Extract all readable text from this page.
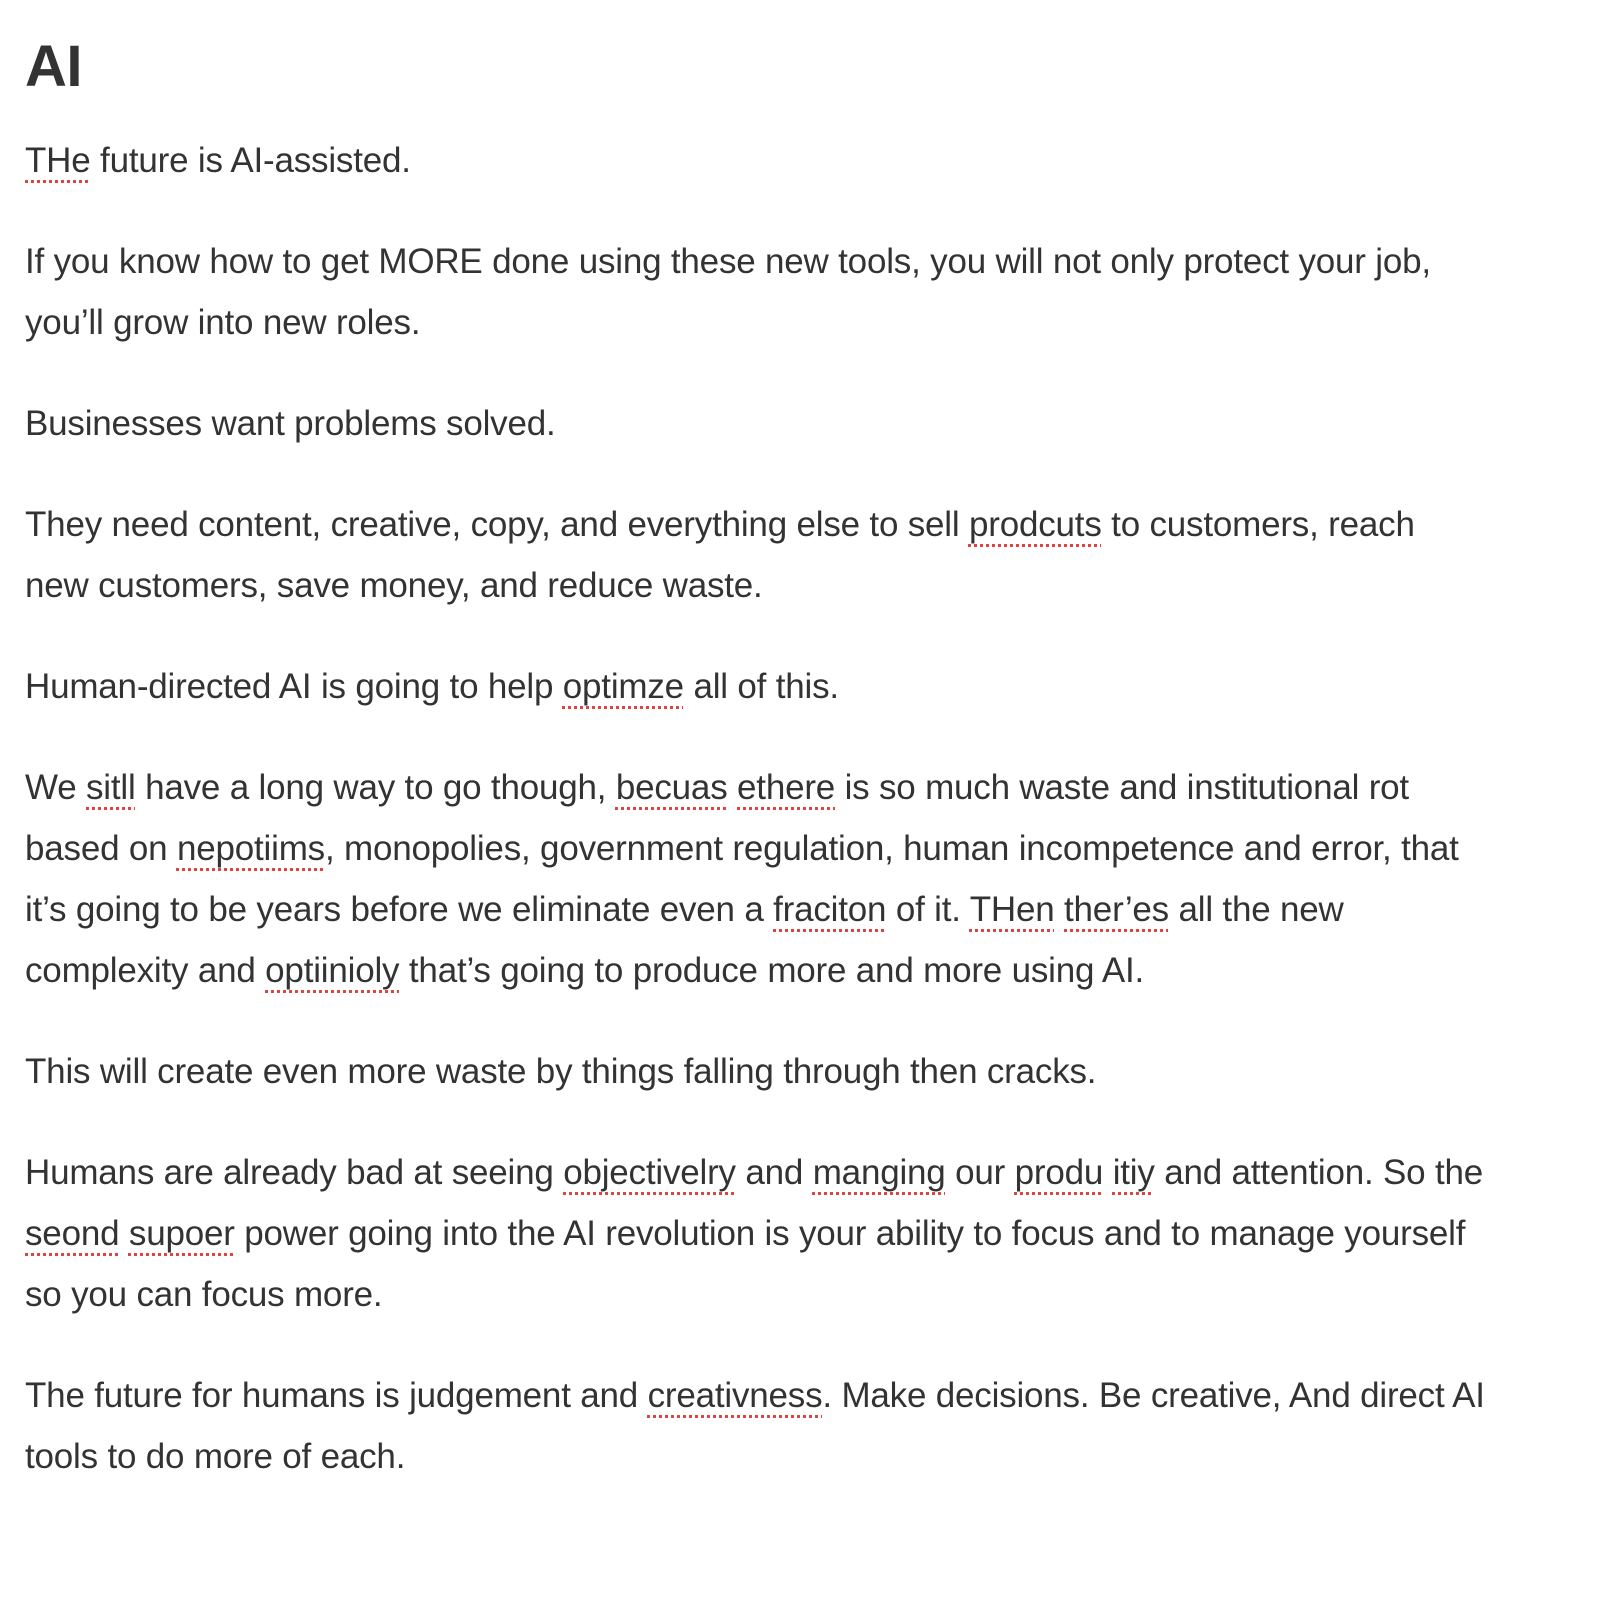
AI

THe future is AI-assisted.

If you know how to get MORE done using these new tools, you will not only protect your job, you’ll grow into new roles.

Businesses want problems solved.

They need content, creative, copy, and everything else to sell prodcuts to customers, reach new customers, save money, and reduce waste.

Human-directed AI is going to help optimze all of this.

We sitll have a long way to go though, becuas ethere is so much waste and institutional rot based on nepotiims, monopolies, government regulation, human incompetence and error, that it’s going to be years before we eliminate even a fraciton of it. THen ther’es all the new complexity and optiinioly that’s going to produce more and more using AI.

This will create even more waste by things falling through then cracks.

Humans are already bad at seeing objectivelry and manging our produ itiy and attention. So the seond supoer power going into the AI revolution is your ability to focus and to manage yourself so you can focus more.

The future for humans is judgement and creativness. Make decisions. Be creative, And direct AI tools to do more of each.
